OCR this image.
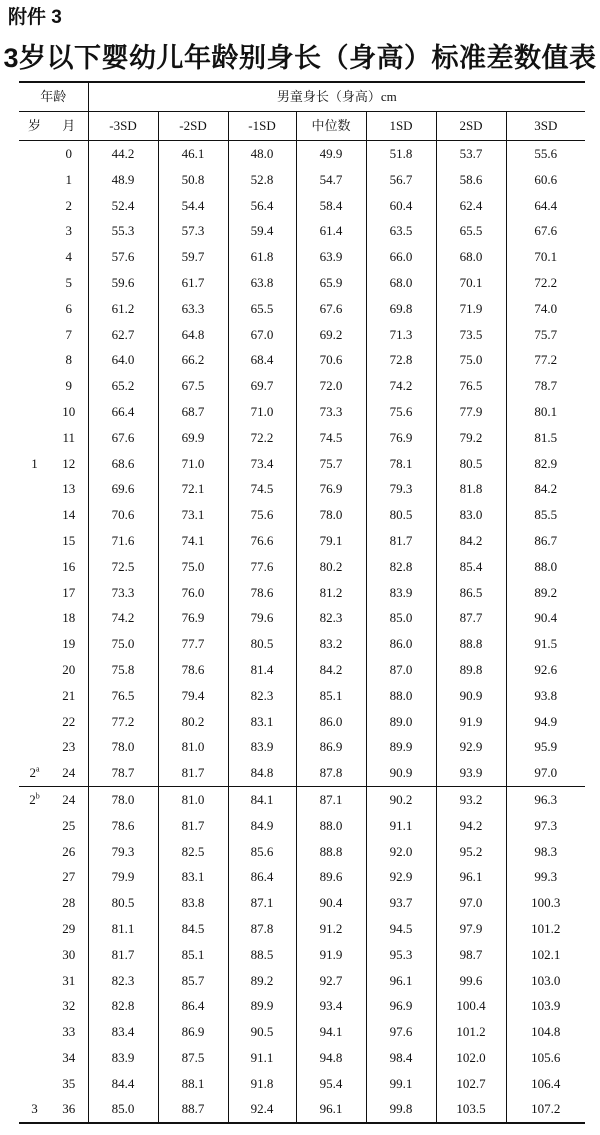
附件 3
3岁以下婴幼儿年龄别身长（身高）标准差数值表
年龄		男童身长（身高）cm						
岁	月	-3SD	-2SD	-1SD	中位数	1SD	2SD	3SD
	0	44.2	46.1	48.0	49.9	51.8	53.7	55.6
	1	48.9	50.8	52.8	54.7	56.7	58.6	60.6
	2	52.4	54.4	56.4	58.4	60.4	62.4	64.4
	3	55.3	57.3	59.4	61.4	63.5	65.5	67.6
	4	57.6	59.7	61.8	63.9	66.0	68.0	70.1
	5	59.6	61.7	63.8	65.9	68.0	70.1	72.2
	6	61.2	63.3	65.5	67.6	69.8	71.9	74.0
	7	62.7	64.8	67.0	69.2	71.3	73.5	75.7
	8	64.0	66.2	68.4	70.6	72.8	75.0	77.2
	9	65.2	67.5	69.7	72.0	74.2	76.5	78.7
	10	66.4	68.7	71.0	73.3	75.6	77.9	80.1
	11	67.6	69.9	72.2	74.5	76.9	79.2	81.5
1	12	68.6	71.0	73.4	75.7	78.1	80.5	82.9
	13	69.6	72.1	74.5	76.9	79.3	81.8	84.2
	14	70.6	73.1	75.6	78.0	80.5	83.0	85.5
	15	71.6	74.1	76.6	79.1	81.7	84.2	86.7
	16	72.5	75.0	77.6	80.2	82.8	85.4	88.0
	17	73.3	76.0	78.6	81.2	83.9	86.5	89.2
	18	74.2	76.9	79.6	82.3	85.0	87.7	90.4
	19	75.0	77.7	80.5	83.2	86.0	88.8	91.5
	20	75.8	78.6	81.4	84.2	87.0	89.8	92.6
	21	76.5	79.4	82.3	85.1	88.0	90.9	93.8
	22	77.2	80.2	83.1	86.0	89.0	91.9	94.9
	23	78.0	81.0	83.9	86.9	89.9	92.9	95.9
2$^a$	24	78.7	81.7	84.8	87.8	90.9	93.9	97.0
2$^b$	24	78.0	81.0	84.1	87.1	90.2	93.2	96.3
	25	78.6	81.7	84.9	88.0	91.1	94.2	97.3
	26	79.3	82.5	85.6	88.8	92.0	95.2	98.3
	27	79.9	83.1	86.4	89.6	92.9	96.1	99.3
	28	80.5	83.8	87.1	90.4	93.7	97.0	100.3
	29	81.1	84.5	87.8	91.2	94.5	97.9	101.2
	30	81.7	85.1	88.5	91.9	95.3	98.7	102.1
	31	82.3	85.7	89.2	92.7	96.1	99.6	103.0
	32	82.8	86.4	89.9	93.4	96.9	100.4	103.9
	33	83.4	86.9	90.5	94.1	97.6	101.2	104.8
	34	83.9	87.5	91.1	94.8	98.4	102.0	105.6
	35	84.4	88.1	91.8	95.4	99.1	102.7	106.4
3	36	85.0	88.7	92.4	96.1	99.8	103.5	107.2
